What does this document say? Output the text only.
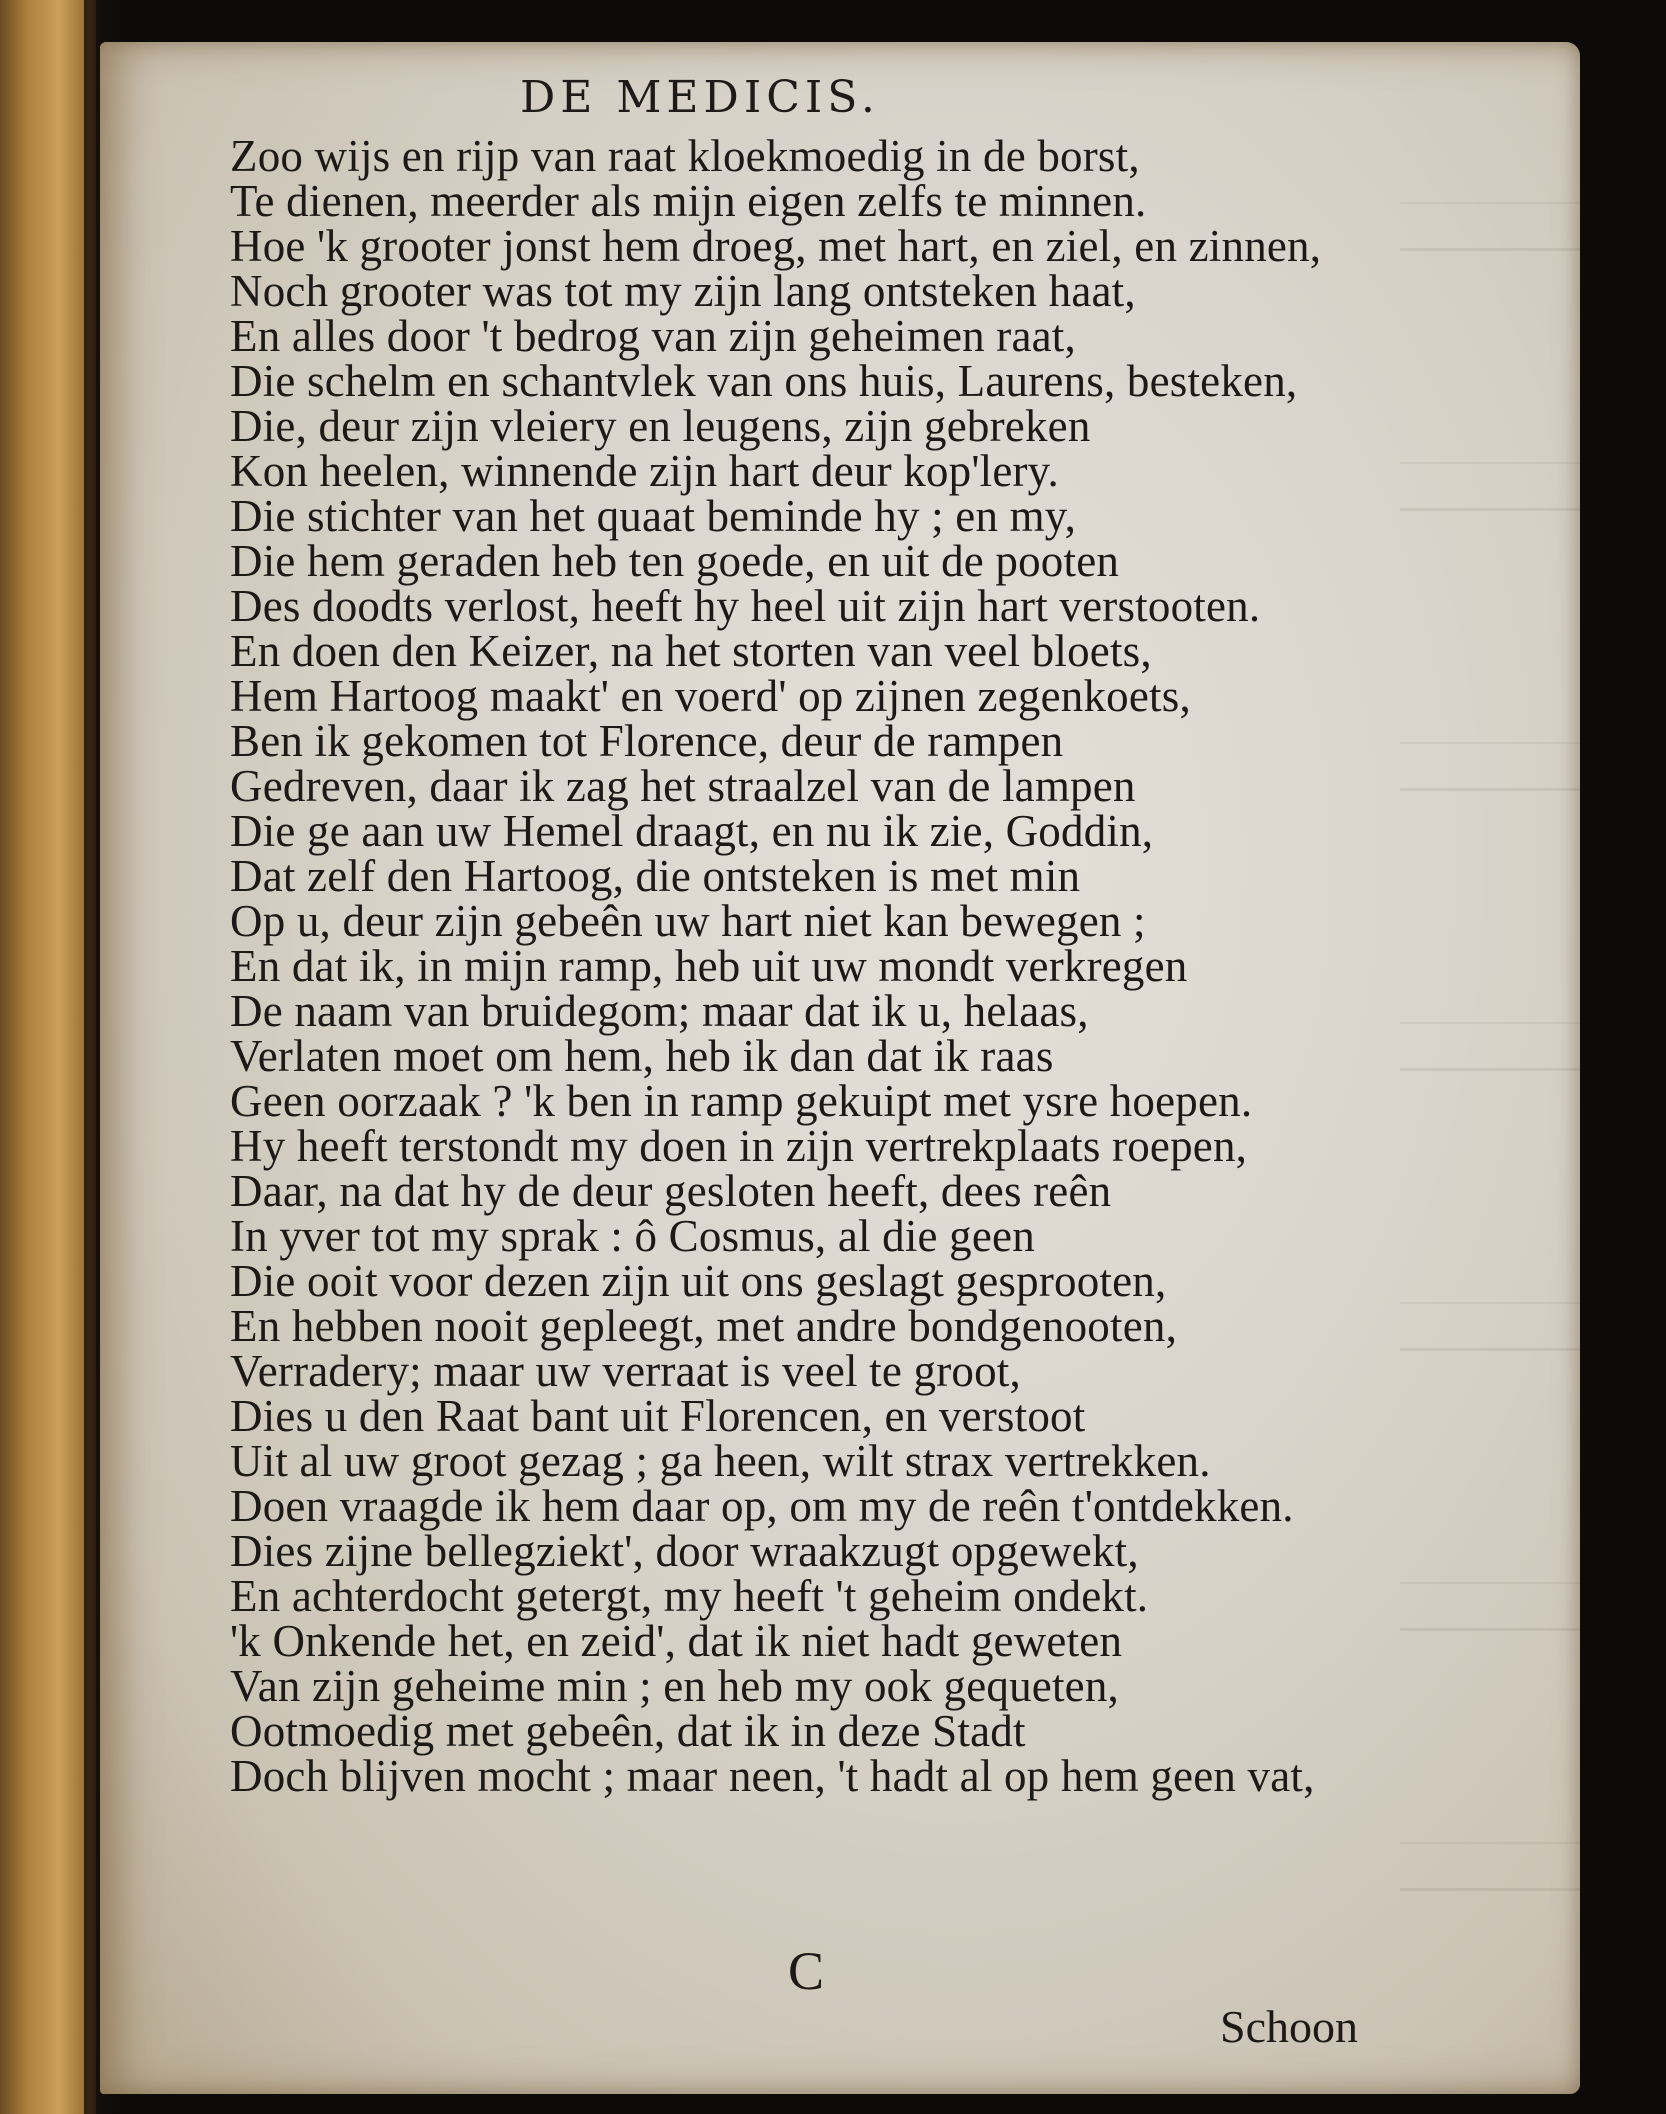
DE MEDICIS.
Zoo wijs en rijp van raat kloekmoedig in de borst,
Te dienen, meerder als mijn eigen zelfs te minnen.
Hoe 'k grooter jonst hem droeg, met hart, en ziel, en zinnen,
Noch grooter was tot my zijn lang ontsteken haat,
En alles door 't bedrog van zijn geheimen raat,
Die schelm en schantvlek van ons huis, Laurens, besteken,
Die, deur zijn vleiery en leugens, zijn gebreken
Kon heelen, winnende zijn hart deur kop'lery.
Die stichter van het quaat beminde hy ; en my,
Die hem geraden heb ten goede, en uit de pooten
Des doodts verlost, heeft hy heel uit zijn hart verstooten.
En doen den Keizer, na het storten van veel bloets,
Hem Hartoog maakt' en voerd' op zijnen zegenkoets,
Ben ik gekomen tot Florence, deur de rampen
Gedreven, daar ik zag het straalzel van de lampen
Die ge aan uw Hemel draagt, en nu ik zie, Goddin,
Dat zelf den Hartoog, die ontsteken is met min
Op u, deur zijn gebeên uw hart niet kan bewegen ;
En dat ik, in mijn ramp, heb uit uw mondt verkregen
De naam van bruidegom; maar dat ik u, helaas,
Verlaten moet om hem, heb ik dan dat ik raas
Geen oorzaak ? 'k ben in ramp gekuipt met ysre hoepen.
Hy heeft terstondt my doen in zijn vertrekplaats roepen,
Daar, na dat hy de deur gesloten heeft, dees reên
In yver tot my sprak : ô Cosmus, al die geen
Die ooit voor dezen zijn uit ons geslagt gesprooten,
En hebben nooit gepleegt, met andre bondgenooten,
Verradery; maar uw verraat is veel te groot,
Dies u den Raat bant uit Florencen, en verstoot
Uit al uw groot gezag ; ga heen, wilt strax vertrekken.
Doen vraagde ik hem daar op, om my de reên t'ontdekken.
Dies zijne bellegziekt', door wraakzugt opgewekt,
En achterdocht getergt, my heeft 't geheim ondekt.
'k Onkende het, en zeid', dat ik niet hadt geweten
Van zijn geheime min ; en heb my ook gequeten,
Ootmoedig met gebeên, dat ik in deze Stadt
Doch blijven mocht ; maar neen, 't hadt al op hem geen vat,
C
Schoon
